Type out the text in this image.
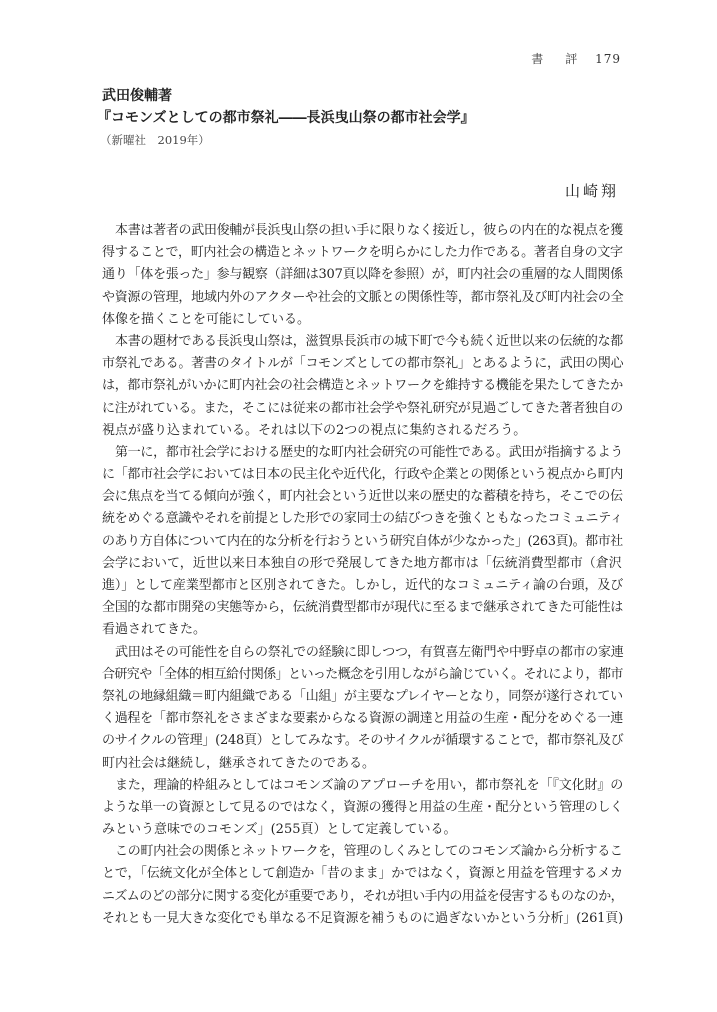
書　評 179
武田俊輔著
『コモンズとしての都市祭礼――長浜曳山祭の都市社会学』
（新曜社　2019年）
山崎翔
本書は著者の武田俊輔が長浜曳山祭の担い手に限りなく接近し，彼らの内在的な視点を獲
得することで，町内社会の構造とネットワークを明らかにした力作である。著者自身の文字
通り「体を張った」参与観察（詳細は307頁以降を参照）が，町内社会の重層的な人間関係
や資源の管理，地域内外のアクターや社会的文脈との関係性等，都市祭礼及び町内社会の全
体像を描くことを可能にしている。
本書の題材である長浜曳山祭は，滋賀県長浜市の城下町で今も続く近世以来の伝統的な都
市祭礼である。著書のタイトルが「コモンズとしての都市祭礼」とあるように，武田の関心
は，都市祭礼がいかに町内社会の社会構造とネットワークを維持する機能を果たしてきたか
に注がれている。また，そこには従来の都市社会学や祭礼研究が見過ごしてきた著者独自の
視点が盛り込まれている。それは以下の2つの視点に集約されるだろう。
第一に，都市社会学における歴史的な町内社会研究の可能性である。武田が指摘するよう
に「都市社会学においては日本の民主化や近代化，行政や企業との関係という視点から町内
会に焦点を当てる傾向が強く，町内社会という近世以来の歴史的な蓄積を持ち，そこでの伝
統をめぐる意識やそれを前提とした形での家同士の結びつきを強くともなったコミュニティ
のあり方自体について内在的な分析を行おうという研究自体が少なかった」(263頁)。都市社
会学において，近世以来日本独自の形で発展してきた地方都市は「伝統消費型都市（倉沢
進）」として産業型都市と区別されてきた。しかし，近代的なコミュニティ論の台頭，及び
全国的な都市開発の実態等から，伝統消費型都市が現代に至るまで継承されてきた可能性は
看過されてきた。
武田はその可能性を自らの祭礼での経験に即しつつ，有賀喜左衛門や中野卓の都市の家連
合研究や「全体的相互給付関係」といった概念を引用しながら論じていく。それにより，都市
祭礼の地縁組織＝町内組織である「山組」が主要なプレイヤーとなり，同祭が遂行されてい
く過程を「都市祭礼をさまざまな要素からなる資源の調達と用益の生産・配分をめぐる一連
のサイクルの管理」(248頁）としてみなす。そのサイクルが循環することで，都市祭礼及び
町内社会は継続し，継承されてきたのである。
また，理論的枠組みとしてはコモンズ論のアプローチを用い，都市祭礼を「『文化財』の
ような単一の資源として見るのではなく，資源の獲得と用益の生産・配分という管理のしく
みという意味でのコモンズ」(255頁）として定義している。
この町内社会の関係とネットワークを，管理のしくみとしてのコモンズ論から分析するこ
とで，「伝統文化が全体として創造か「昔のまま」かではなく，資源と用益を管理するメカ
ニズムのどの部分に関する変化が重要であり，それが担い手内の用益を侵害するものなのか，
それとも一見大きな変化でも単なる不足資源を補うものに過ぎないかという分析」(261頁)
